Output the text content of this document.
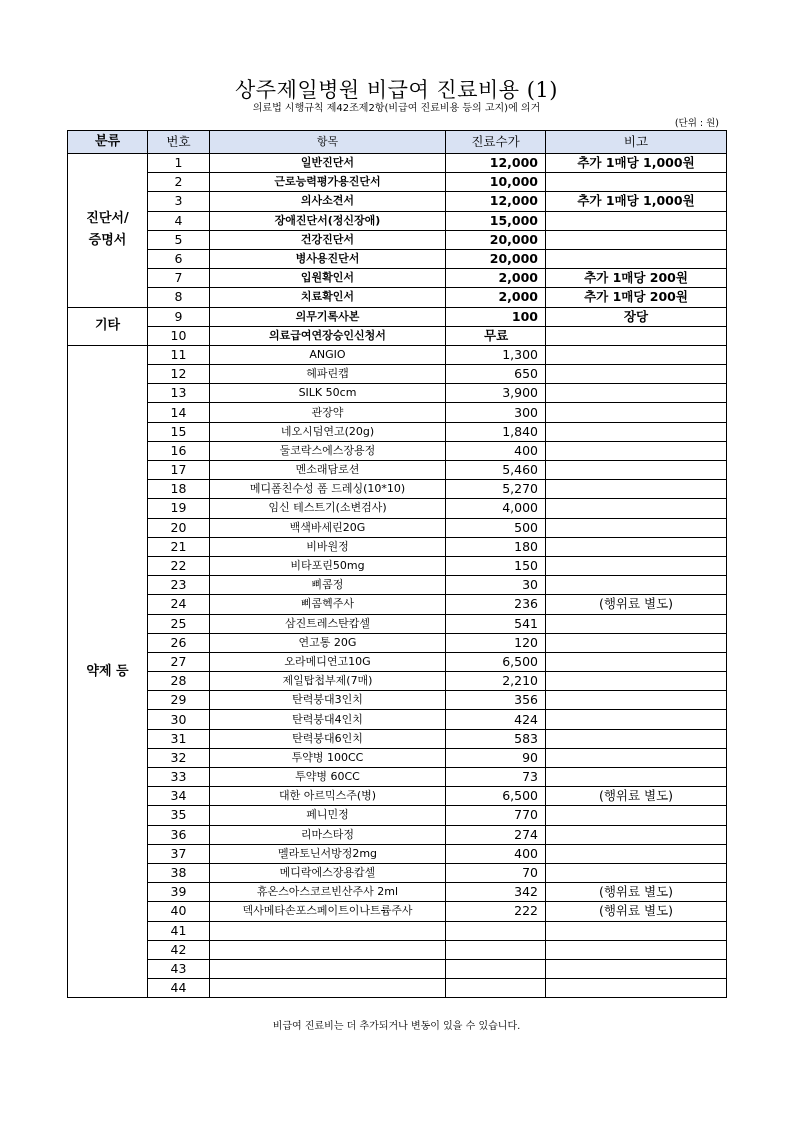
상주제일병원 비급여 진료비용 (1)
의료법 시행규칙 제42조제2항(비급여 진료비용 등의 고지)에 의거
(단위 : 원)
분류	번호	항목	진료수가	비고
진단서/
증명서	1	일반진단서	12,000	추가 1매당 1,000원
	2	근로능력평가용진단서	10,000	
	3	의사소견서	12,000	추가 1매당 1,000원
	4	장애진단서(정신장애)	15,000	
	5	건강진단서	20,000	
	6	병사용진단서	20,000	
	7	입원확인서	2,000	추가 1매당 200원
	8	치료확인서	2,000	추가 1매당 200원
기타	9	의무기록사본	100	장당
	10	의료급여연장승인신청서	무료	
약제 등	11	ANGIO	1,300	
	12	헤파린캡	650	
	13	SILK 50cm	3,900	
	14	관장약	300	
	15	네오시덤연고(20g)	1,840	
	16	둘코락스에스장용정	400	
	17	멘소래담로션	5,460	
	18	메디폼친수성 폼 드레싱(10*10)	5,270	
	19	임신 테스트기(소변검사)	4,000	
	20	백색바세린20G	500	
	21	비바원정	180	
	22	비타포린50mg	150	
	23	삐콤정	30	
	24	삐콤헥주사	236	(행위료 별도)
	25	삼진트레스탄캅셀	541	
	26	연고통 20G	120	
	27	오라메디연고10G	6,500	
	28	제일탑첩부제(7매)	2,210	
	29	탄력붕대3인치	356	
	30	탄력붕대4인치	424	
	31	탄력붕대6인치	583	
	32	투약병 100CC	90	
	33	투약병 60CC	73	
	34	대한 아르믹스주(병)	6,500	(행위료 별도)
	35	페니민정	770	
	36	리마스타정	274	
	37	멜라토닌서방정2mg	400	
	38	메디락에스장용캅셀	70	
	39	휴온스아스코르빈산주사 2ml	342	(행위료 별도)
	40	덱사메타손포스페이트이나트륨주사	222	(행위료 별도)
	41			
	42			
	43			
	44			
비급여 진료비는 더 추가되거나 변동이 있을 수 있습니다.
